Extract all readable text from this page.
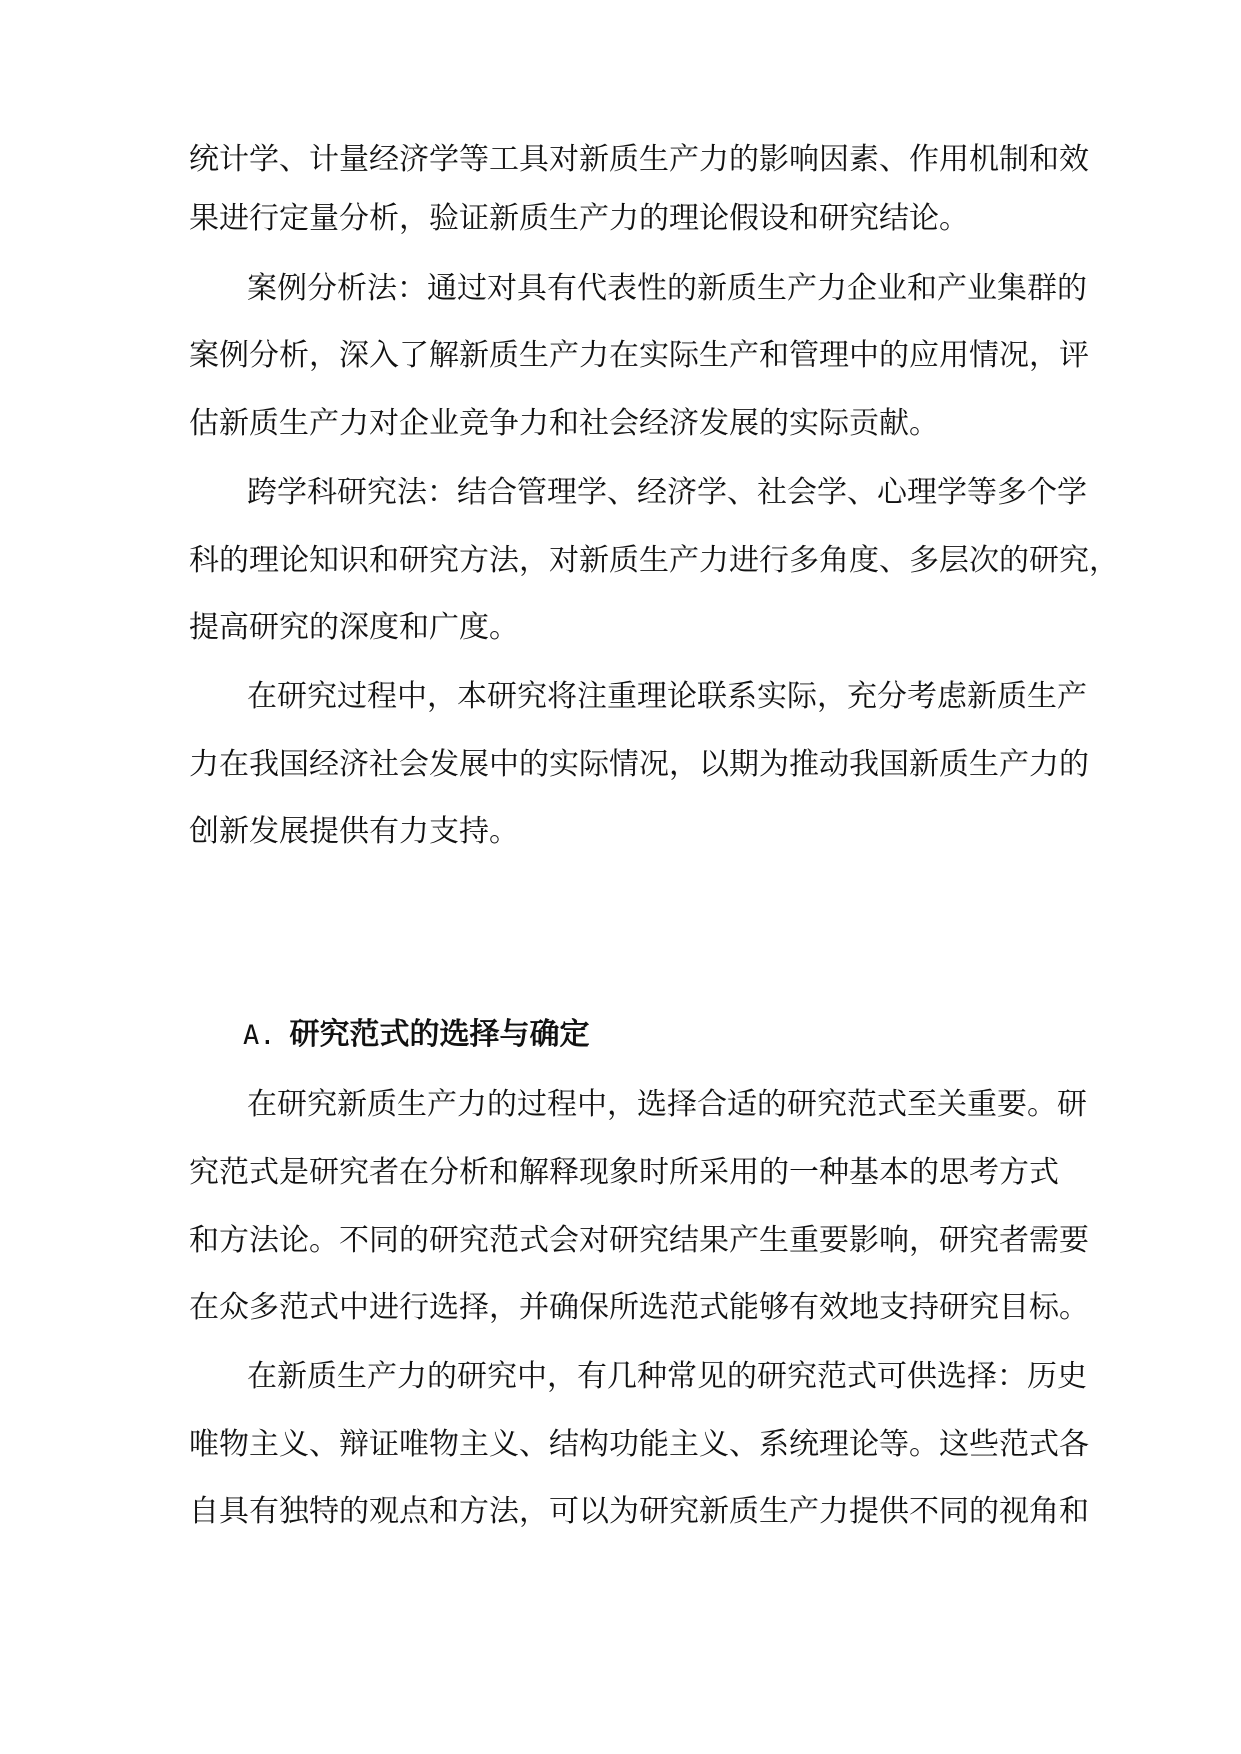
统计学、计量经济学等工具对新质生产力的影响因素、作用机制和效
果进行定量分析，验证新质生产力的理论假设和研究结论。
案例分析法：通过对具有代表性的新质生产力企业和产业集群的
案例分析，深入了解新质生产力在实际生产和管理中的应用情况，评
估新质生产力对企业竞争力和社会经济发展的实际贡献。
跨学科研究法：结合管理学、经济学、社会学、心理学等多个学
科的理论知识和研究方法，对新质生产力进行多角度、多层次的研究，
提高研究的深度和广度。
在研究过程中，本研究将注重理论联系实际，充分考虑新质生产
力在我国经济社会发展中的实际情况，以期为推动我国新质生产力的
创新发展提供有力支持。
A. 研究范式的选择与确定
在研究新质生产力的过程中，选择合适的研究范式至关重要。研
究范式是研究者在分析和解释现象时所采用的一种基本的思考方式
和方法论。不同的研究范式会对研究结果产生重要影响，研究者需要
在众多范式中进行选择，并确保所选范式能够有效地支持研究目标。
在新质生产力的研究中，有几种常见的研究范式可供选择：历史
唯物主义、辩证唯物主义、结构功能主义、系统理论等。这些范式各
自具有独特的观点和方法，可以为研究新质生产力提供不同的视角和
